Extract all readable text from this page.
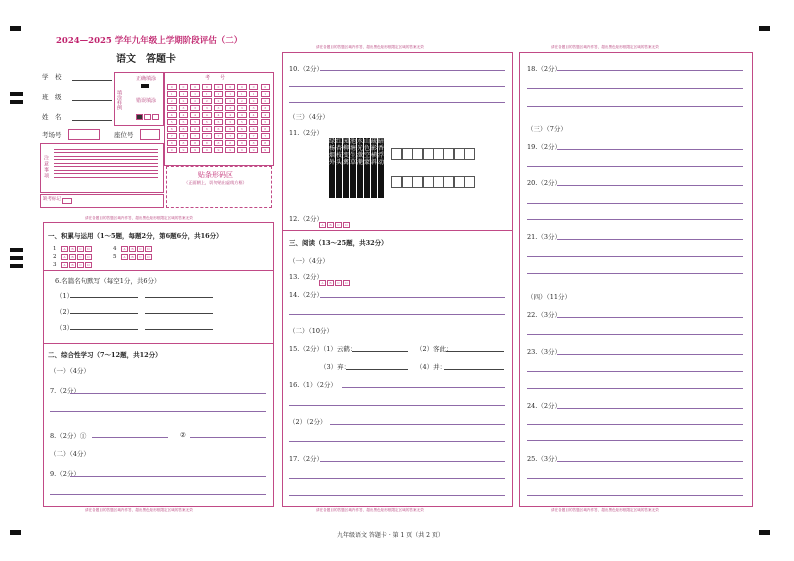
2024—2025 学年九年级上学期阶段评估（二）
语文　答题卡
学　校
班　级
姓　名
考场号	座位号
填涂样例
正确填涂
错误填涂
考　　号
0	0	0	0	0	0	0	0	0
1	1	1	1	1	1	1	1	1
2	2	2	2	2	2	2	2	2
3	3	3	3	3	3	3	3	3
4	4	4	4	4	4	4	4	4
5	5	5	5	5	5	5	5	5
6	6	6	6	6	6	6	6	6
7	7	7	7	7	7	7	7	7
8	8	8	8	8	8	8	8	8
9	9	9	9	9	9	9	9	9
注意事项
缺考标记
贴条形码区
（正面朝上，切勿贴出虚线方框）
请在各题目的答题区域内作答，超出黑色矩形框限定区域的答案无效
请在各题目的答题区域内作答，超出黑色矩形框限定区域的答案无效
一、积累与运用（1～5题，每题2分，第6题6分，共16分）
1	A	B	C	D	4	A	B	C	D
2	A	B	C	D	5	A	B	C	D
3	A	B	C	D
6.名篇名句默写（每空1分，共6分）
（1）
（2）
（3）
二、综合性学习（7～12题，共12分）
（一）（4分）
7.（2分）
8.（2分）①	②
（二）（4分）
9.（2分）
请在各题目的答题区域内作答，超出黑色矩形框限定区域的答案无效
请在各题目的答题区域内作答，超出黑色矩形框限定区域的答案无效
10.（2分）
（三）（4分）
11.（2分）
暗香浮动
疏影横斜
山色空蒙
水光潋滟
池塘生草
园柳变禽
红杏枝头
绿杨烟外
12.（2分）
A B C D
三、阅读（13～25题，共32分）
（一）（4分）
13.（2分）
A B C D
14.（2分）
（二）（10分）
15.（2分）（1）云鹤：	（2）客此：
（3）弃：	（4）并：
16.（1）（2分）
（2）（2分）
17.（2分）
请在各题目的答题区域内作答，超出黑色矩形框限定区域的答案无效
请在各题目的答题区域内作答，超出黑色矩形框限定区域的答案无效
18.（2分）
（三）（7分）
19.（2分）
20.（2分）
21.（3分）
（四）（11分）
22.（3分）
23.（3分）
24.（2分）
25.（3分）
九年级语文 答题卡 · 第 1 页（共 2 页）
